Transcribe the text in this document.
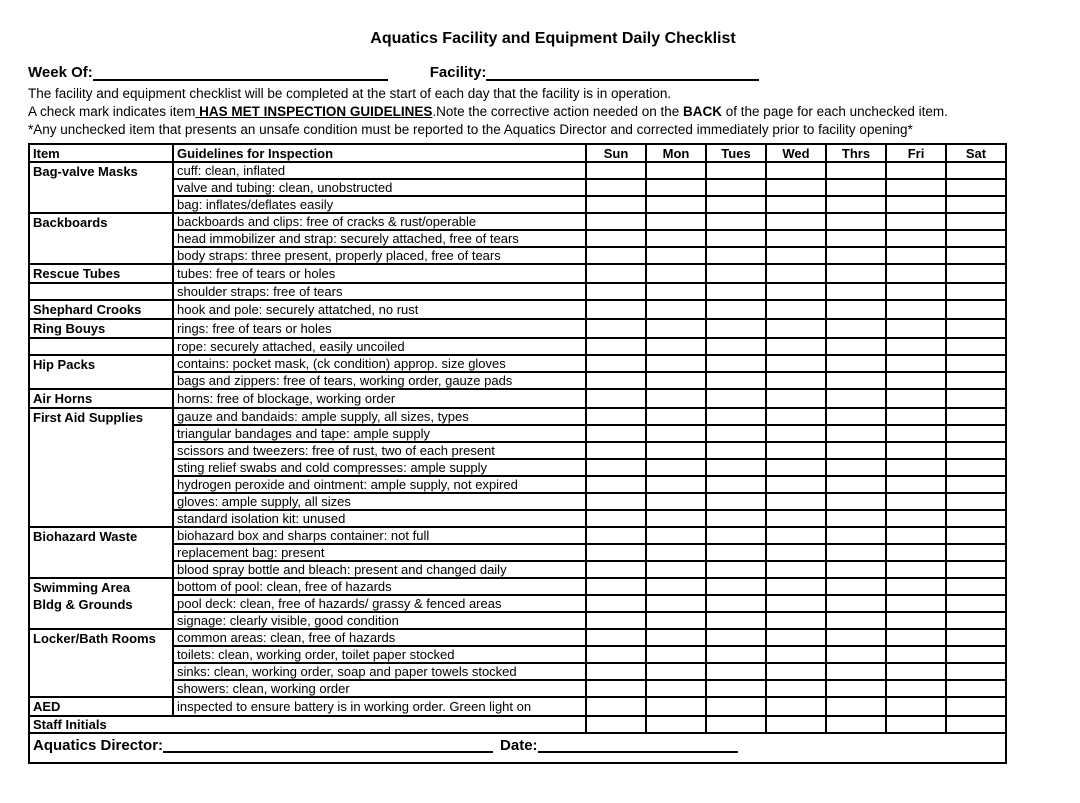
Aquatics Facility and Equipment Daily Checklist
Week Of:	Facility:
The facility and equipment checklist will be completed at the start of each day that the facility is in operation.
A check mark indicates item HAS MET INSPECTION GUIDELINES.Note the corrective action needed on the BACK of the page for each unchecked item.
*Any unchecked item that presents an unsafe condition must be reported to the Aquatics Director and corrected immediately prior to facility opening*
Item	Guidelines for Inspection	Sun	Mon	Tues	Wed	Thrs	Fri	Sat

Bag-valve Masks	cuff: clean, inflated							
	valve and tubing: clean, unobstructed							
	bag: inflates/deflates easily							

Backboards	backboards and clips: free of cracks & rust/operable							
	head immobilizer and strap: securely attached, free of tears							
	body straps: three present, properly placed, free of tears							

Rescue Tubes	tubes: free of tears or holes							
	shoulder straps: free of tears							

Shephard Crooks	hook and pole: securely attatched, no rust							

Ring Bouys	rings: free of tears or holes							
	rope: securely attached, easily uncoiled							

Hip Packs	contains: pocket mask, (ck condition) approp. size gloves							
	bags and zippers: free of tears, working order, gauze pads							

Air Horns	horns: free of blockage, working order							

First Aid Supplies	gauze and bandaids: ample supply, all sizes, types							
	triangular bandages and tape: ample supply							
	scissors and tweezers: free of rust, two of each present							
	sting relief swabs and cold compresses: ample supply							
	hydrogen peroxide and ointment: ample supply, not expired							
	gloves: ample supply, all sizes							
	standard isolation kit: unused							

Biohazard Waste	biohazard box and sharps container: not full							
	replacement bag: present							
	blood spray bottle and bleach: present and changed daily							

Swimming Area
Bldg & Grounds	bottom of pool: clean, free of hazards							
	pool deck: clean, free of hazards/ grassy & fenced areas							
	signage: clearly visible, good condition							

Locker/Bath Rooms	common areas: clean, free of hazards							
	toilets: clean, working order, toilet paper stocked							
	sinks: clean, working order, soap and paper towels stocked							
	showers: clean, working order							

AED	inspected to ensure battery is in working order. Green light on							
Staff Initials								

Aquatics Director: Date:								
